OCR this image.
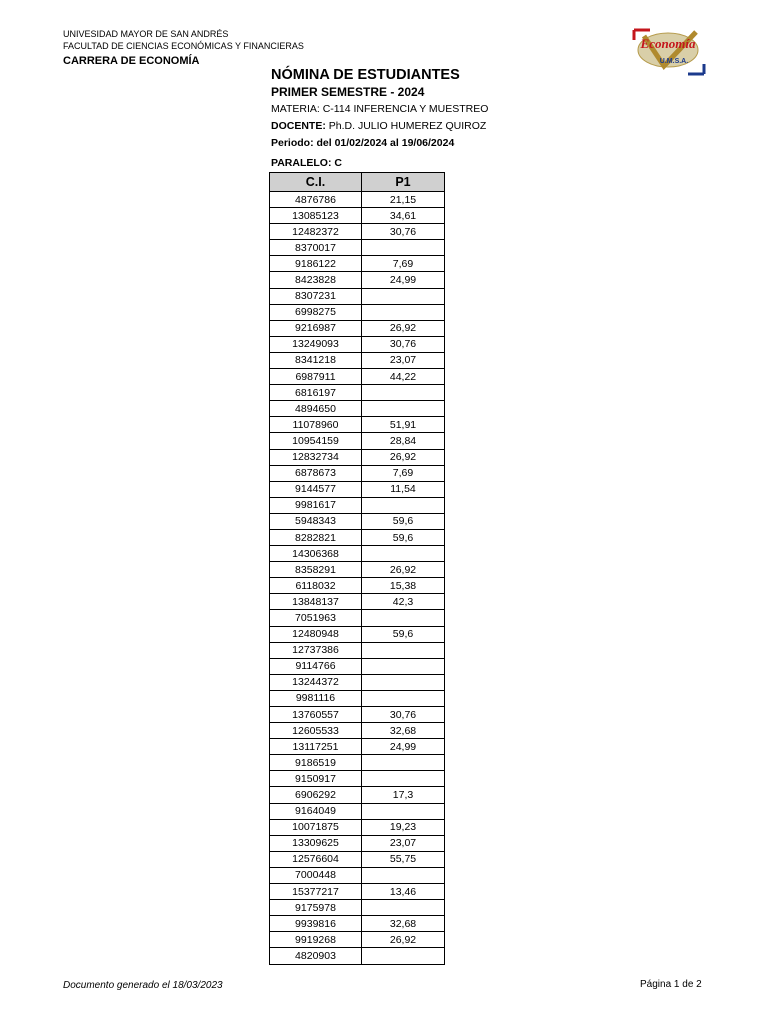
UNIVESIDAD MAYOR DE SAN ANDRÉS
FACULTAD DE CIENCIAS ECONÓMICAS Y FINANCIERAS
CARRERA DE ECONOMÍA
Economía
U.M.S.A.
NÓMINA DE ESTUDIANTES
PRIMER SEMESTRE - 2024
MATERIA: C-114 INFERENCIA Y MUESTREO
DOCENTE: Ph.D. JULIO HUMEREZ QUIROZ
Periodo: del 01/02/2024 al 19/06/2024
PARALELO: C
C.I.	P1
4876786	21,15
13085123	34,61
12482372	30,76
8370017	
9186122	7,69
8423828	24,99
8307231	
6998275	
9216987	26,92
13249093	30,76
8341218	23,07
6987911	44,22
6816197	
4894650	
11078960	51,91
10954159	28,84
12832734	26,92
6878673	7,69
9144577	11,54
9981617	
5948343	59,6
8282821	59,6
14306368	
8358291	26,92
6118032	15,38
13848137	42,3
7051963	
12480948	59,6
12737386	
9114766	
13244372	
9981116	
13760557	30,76
12605533	32,68
13117251	24,99
9186519	
9150917	
6906292	17,3
9164049	
10071875	19,23
13309625	23,07
12576604	55,75
7000448	
15377217	13,46
9175978	
9939816	32,68
9919268	26,92
4820903	
Documento generado el 18/03/2023	Página 1 de 2
